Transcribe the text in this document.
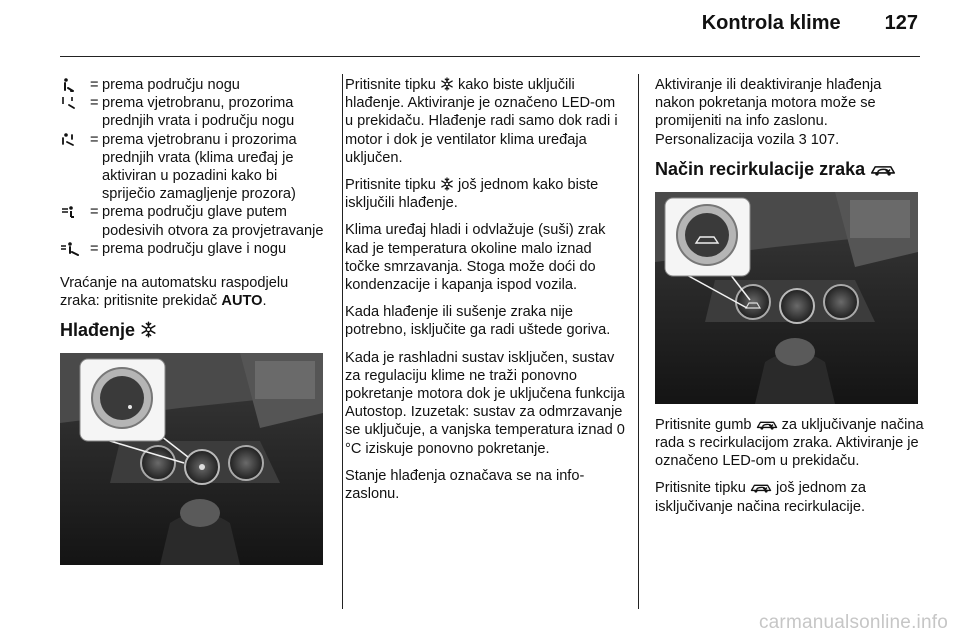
Kontrola klime 127
= prema području nogu
= prema vjetrobranu, prozorima prednjih vrata i području nogu
= prema vjetrobranu i prozorima prednjih vrata (klima uređaj je aktiviran u pozadini kako bi spriječio zamagljenje prozora)
= prema području glave putem podesivih otvora za provjetravanje
= prema području glave i nogu

Vraćanje na automatsku raspodjelu zraka: pritisnite prekidač AUTO.

Hlađenje

Pritisnite tipku  kako biste uključili hlađenje. Aktiviranje je označeno LED-om u prekidaču. Hlađenje radi samo dok radi i motor i dok je ventilator klima uređaja uključen.

Pritisnite tipku  još jednom kako biste isključili hlađenje.

Klima uređaj hladi i odvlažuje (suši) zrak kad je temperatura okoline malo iznad točke smrzavanja. Stoga može doći do kondenzacije i kapanja ispod vozila.

Kada hlađenje ili sušenje zraka nije potrebno, isključite ga radi uštede goriva.

Kada je rashladni sustav isključen, sustav za regulaciju klime ne traži ponovno pokretanje motora dok je uključena funkcija Autostop. Izuzetak: sustav za odmrzavanje se uključuje, a vanjska temperatura iznad 0 °C iziskuje ponovno pokretanje.

Stanje hlađenja označava se na info-zaslonu.

Aktiviranje ili deaktiviranje hlađenja nakon pokretanja motora može se promijeniti na info zaslonu. Personalizacija vozila 3 107.

Način recirkulacije zraka

Pritisnite gumb  za uključivanje načina rada s recirkulacijom zraka. Aktiviranje je označeno LED-om u prekidaču.

Pritisnite tipku  još jednom za isključivanje načina recirkulacije.

carmanualsonline.info
